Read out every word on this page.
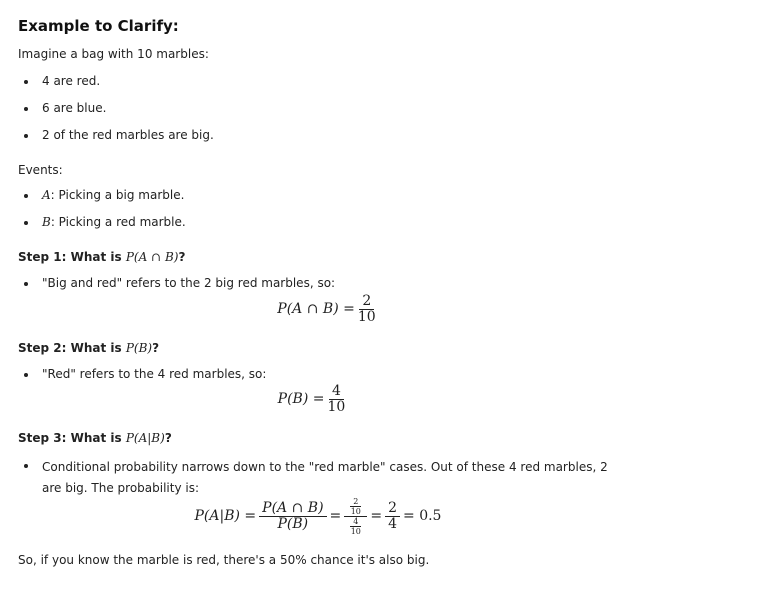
Example to Clarify:
Imagine a bag with 10 marbles:
4 are red.
6 are blue.
2 of the red marbles are big.
Events:
A: Picking a big marble.
B: Picking a red marble.
Step 1: What is P(A ∩ B)?
"Big and red" refers to the 2 big red marbles, so:
P(A ∩ $B) = \frac{2}{10}$
Step 2: What is P(B)?
"Red" refers to the 4 red marbles, so:
$P(B) = \frac{4}{10}$
Step 3: What is P(A|B)?
Conditional probability narrows down to the "red marble" cases. Out of these 4 red marbles, 2
are big. The probability is:
$P(A|B) = \frac{P(A \cap B)}{P(B)} = \frac{\frac{2}{10}}{\frac{4}{10}} = \frac{2}{4} = 0.5$
So, if you know the marble is red, there's a 50% chance it's also big.
